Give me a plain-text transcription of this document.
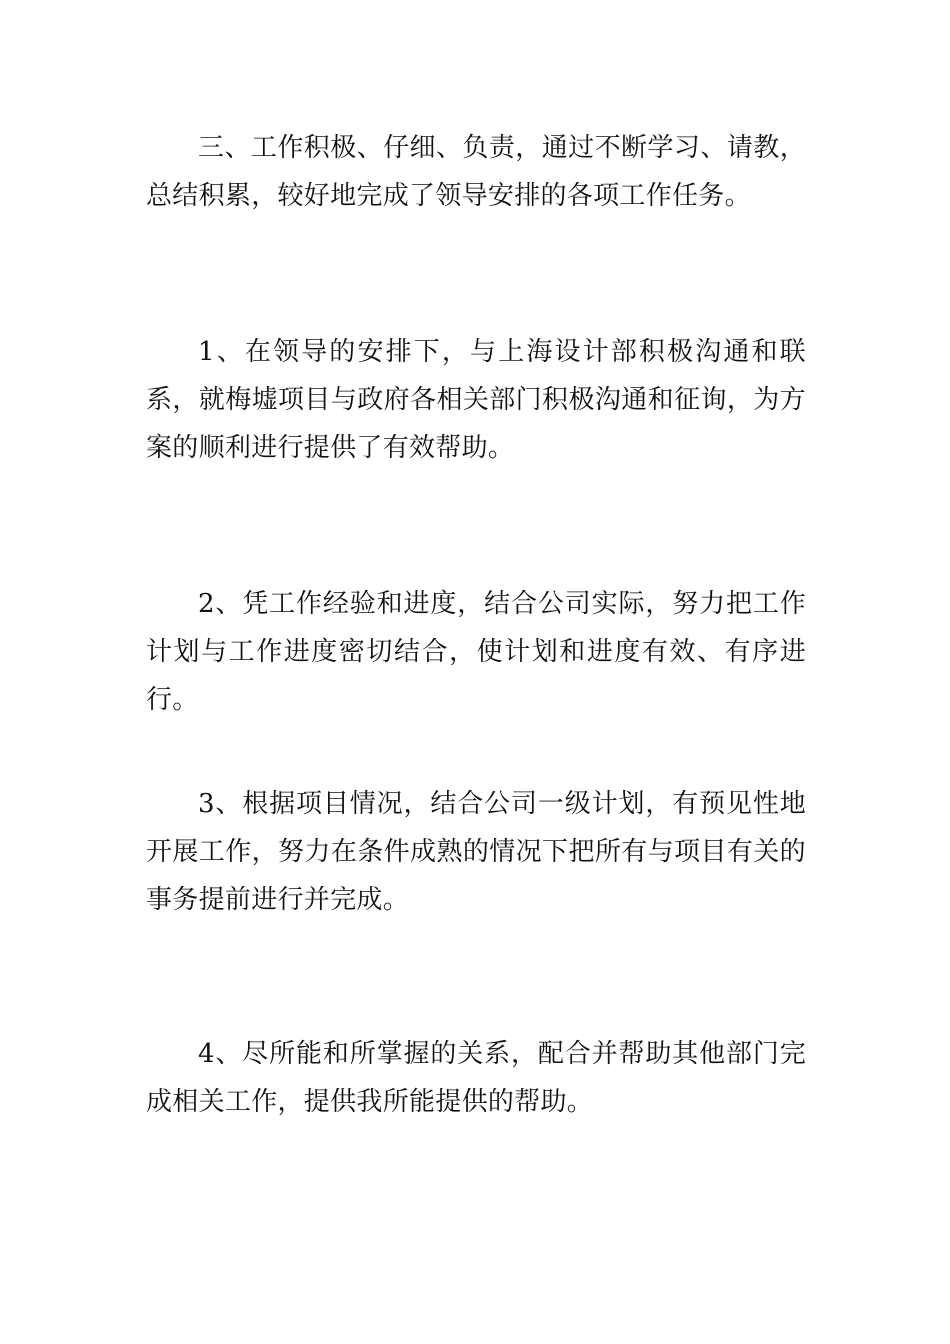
三、工作积极、仔细、负责，通过不断学习、请教，总结积累，较好地完成了领导安排的各项工作任务。

1、在领导的安排下，与上海设计部积极沟通和联系，就梅墟项目与政府各相关部门积极沟通和征询，为方案的顺利进行提供了有效帮助。

2、凭工作经验和进度，结合公司实际，努力把工作计划与工作进度密切结合，使计划和进度有效、有序进行。

3、根据项目情况，结合公司一级计划，有预见性地开展工作，努力在条件成熟的情况下把所有与项目有关的事务提前进行并完成。

4、尽所能和所掌握的关系，配合并帮助其他部门完成相关工作，提供我所能提供的帮助。
